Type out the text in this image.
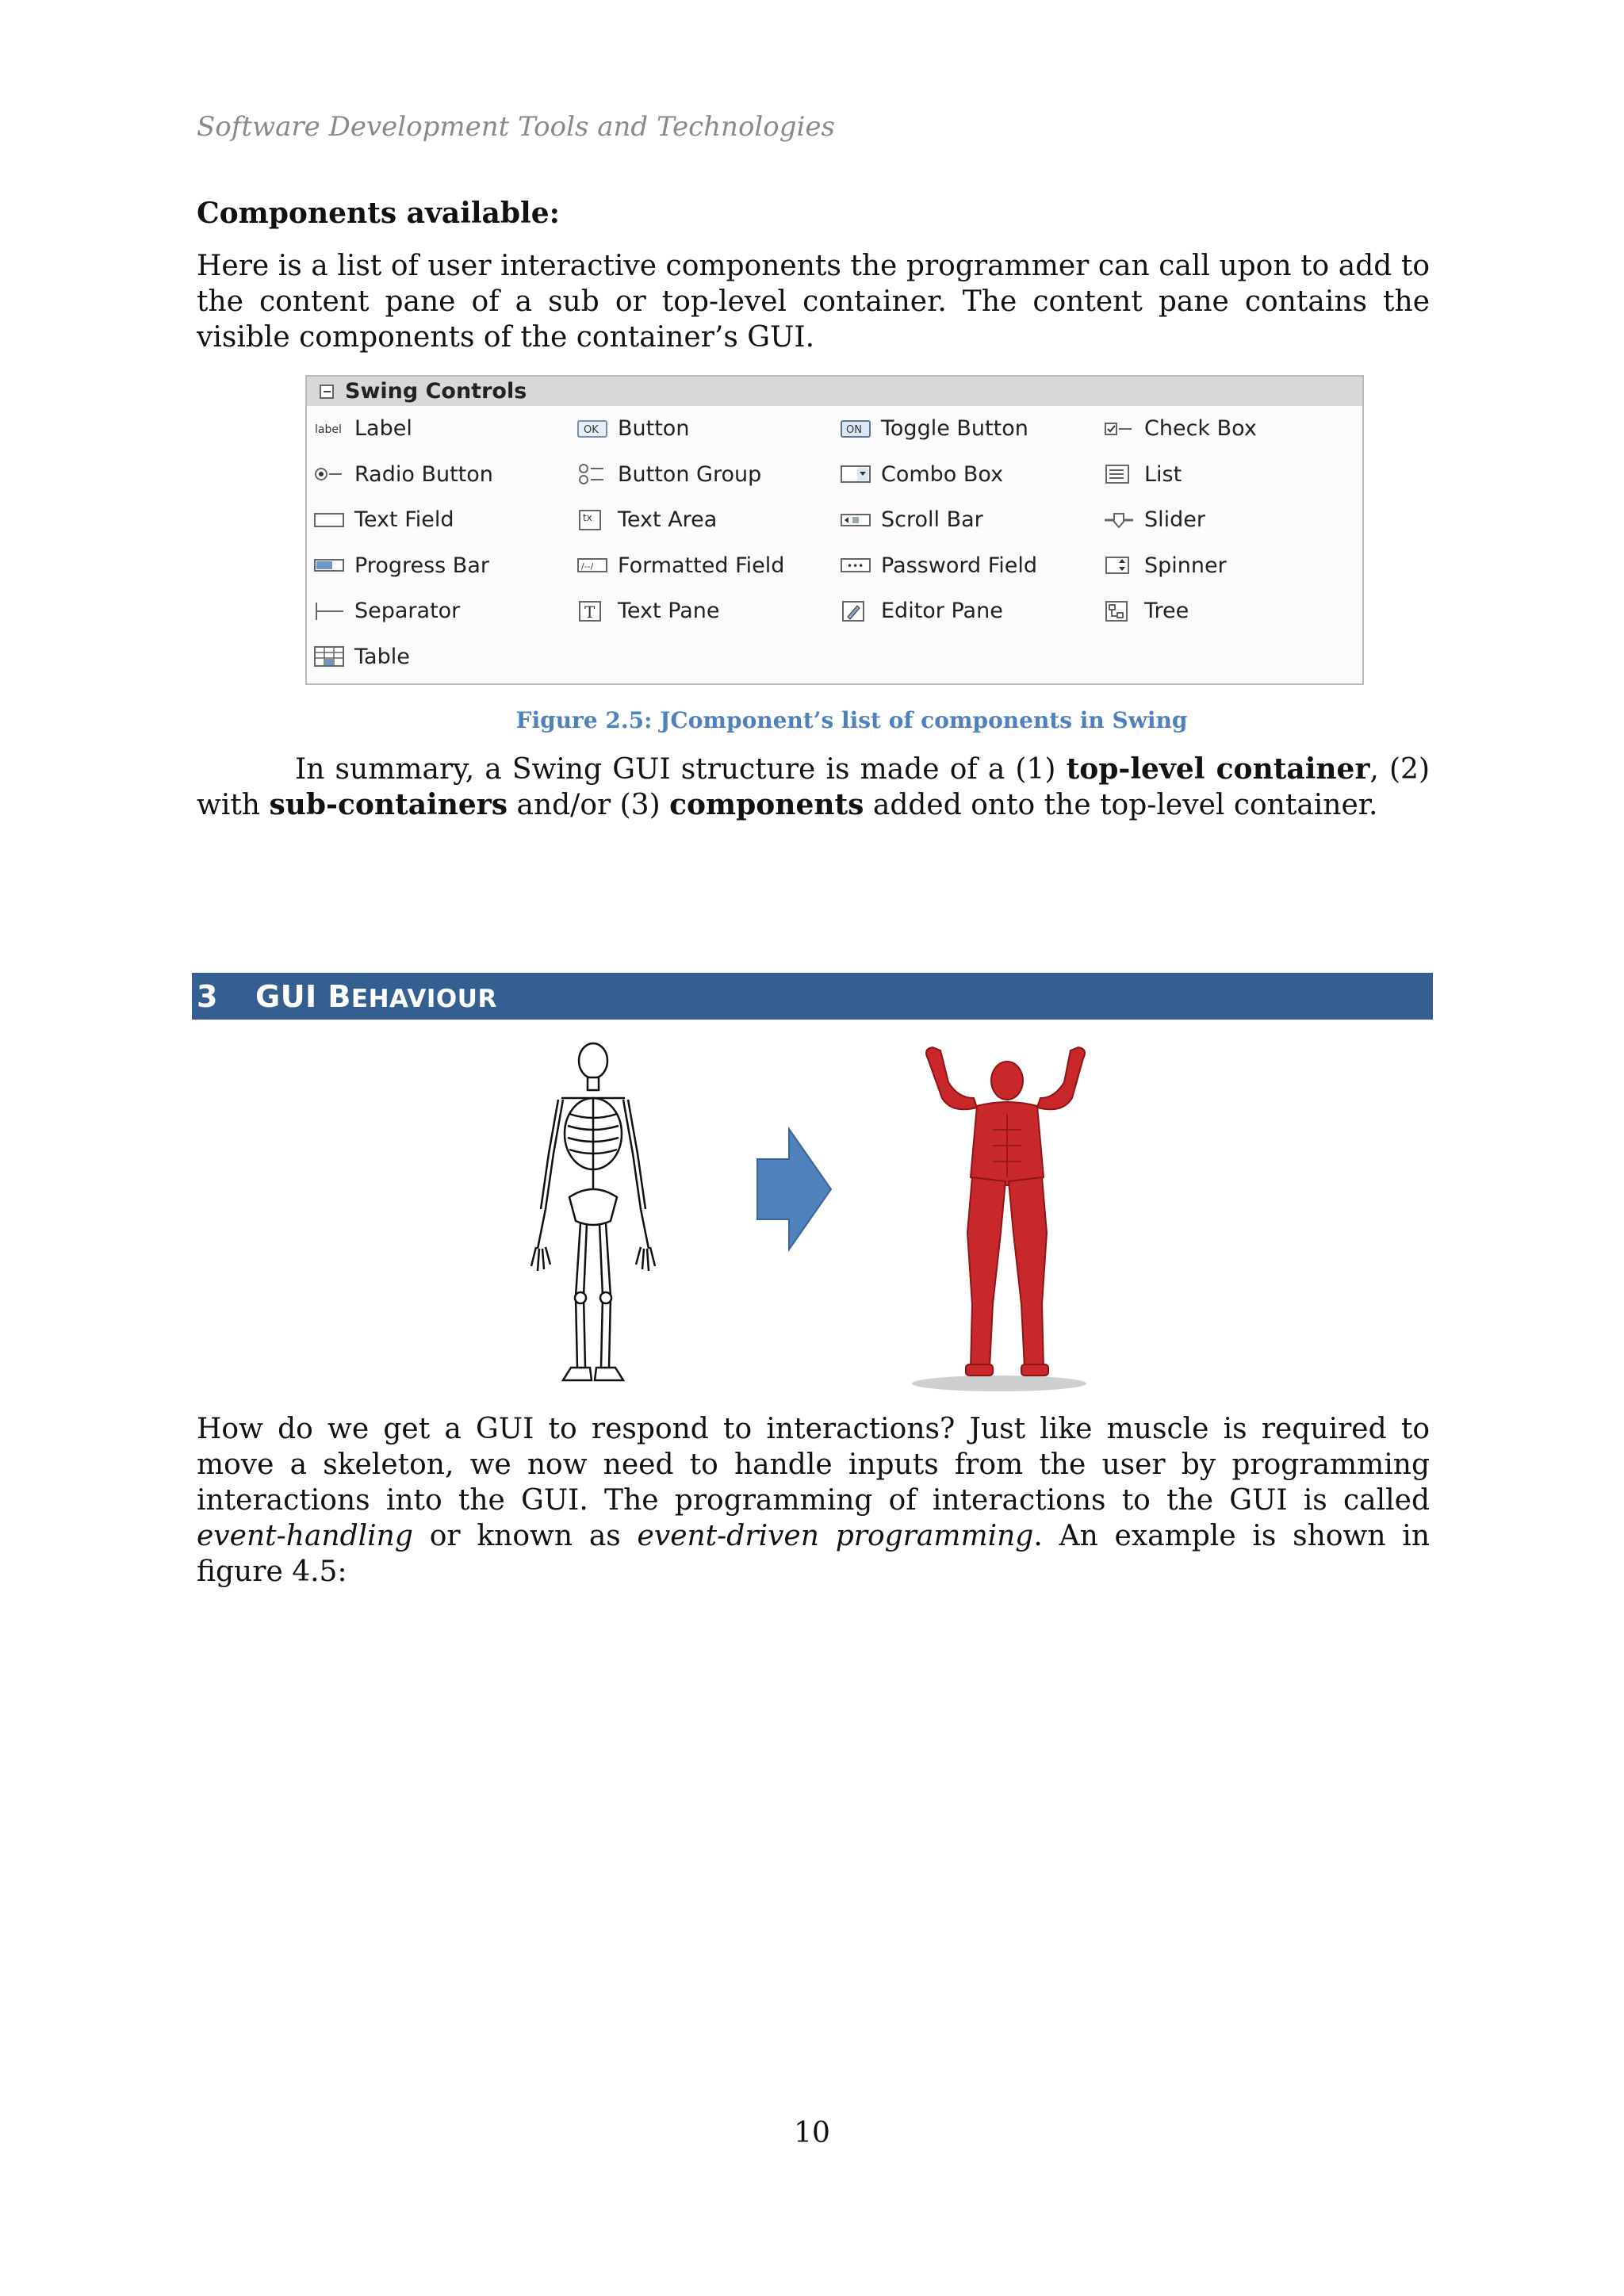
Software Development Tools and Technologies
Components available:
Here is a list of user interactive components the programmer can call upon to add to the content pane of a sub or top-level container. The content pane contains the visible components of the container’s GUI.
Swing Controls
label Label	OK Button	ON Toggle Button	Check Box
Radio Button	Button Group	Combo Box	List
Text Field	tx Text Area	Scroll Bar	Slider
Progress Bar	/--/ Formatted Field	••• Password Field	Spinner
Separator	T Text Pane	Editor Pane	Tree
Table
Figure 2.5: JComponent’s list of components in Swing
In summary, a Swing GUI structure is made of a (1) top-level container, (2) with sub-containers and/or (3) components added onto the top-level container.
3	GUI BEHAVIOUR
How do we get a GUI to respond to interactions? Just like muscle is required to move a skeleton, we now need to handle inputs from the user by programming interactions into the GUI. The programming of interactions to the GUI is called event-handling or known as event-driven programming. An example is shown in figure 4.5:
10
